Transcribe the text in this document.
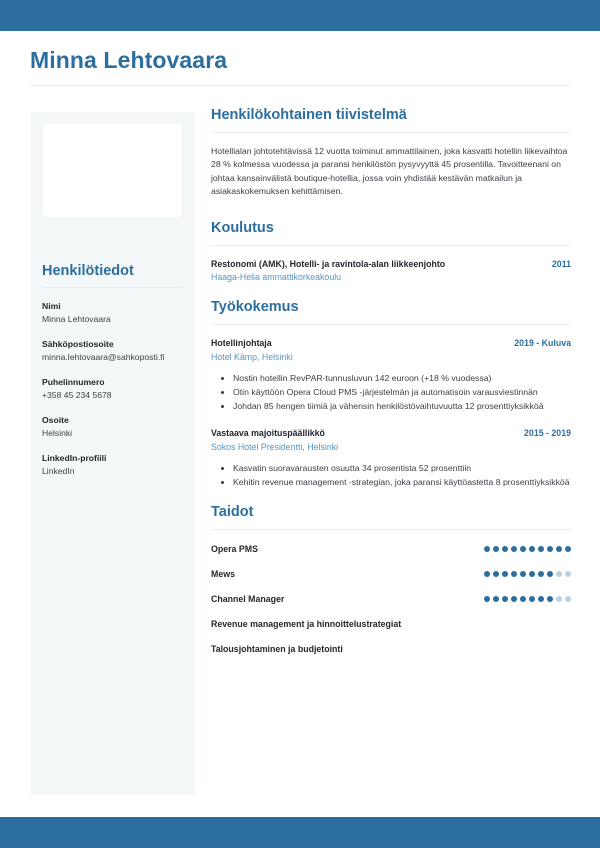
Minna Lehtovaara
Henkilötiedot
Nimi
Minna Lehtovaara
Sähköpostiosoite
minna.lehtovaara@sahkoposti.fi
Puhelinnumero
+358 45 234 5678
Osoite
Helsinki
LinkedIn-profiili
LinkedIn
Henkilökohtainen tiivistelmä

Hotellialan johtotehtävissä 12 vuotta toiminut ammattilainen, joka kasvatti hotellin liikevaihtoa 28 % kolmessa vuodessa ja paransi henkilöstön pysyvyyttä 45 prosentilla. Tavoitteenani on johtaa kansainvälistä boutique-hotellia, jossa voin yhdistää kestävän matkailun ja asiakaskokemuksen kehittämisen.

Koulutus
Restonomi (AMK), Hotelli- ja ravintola-alan liikkeenjohto	2011
Haaga-Helia ammattikorkeakoulu
Työkokemus
Hotellinjohtaja	2019 - Kuluva
Hotel Kämp, Helsinki
• Nostin hotellin RevPAR-tunnusluvun 142 euroon (+18 % vuodessa)
• Otin käyttöön Opera Cloud PMS -järjestelmän ja automatisoin varausviestinnän
• Johdan 85 hengen tiimiä ja vähensin henkilöstövaihtuvuutta 12 prosenttiyksikköä
Vastaava majoituspäällikkö	2015 - 2019
Sokos Hotel Presidentti, Helsinki
• Kasvatin suoravarausten osuutta 34 prosentista 52 prosenttiin
• Kehitin revenue management -strategian, joka paransi käyttöastetta 8 prosenttiyksikköä
Taidot
Opera PMS
Mews
Channel Manager
Revenue management ja hinnoittelustrategiat
Talousjohtaminen ja budjetointi
